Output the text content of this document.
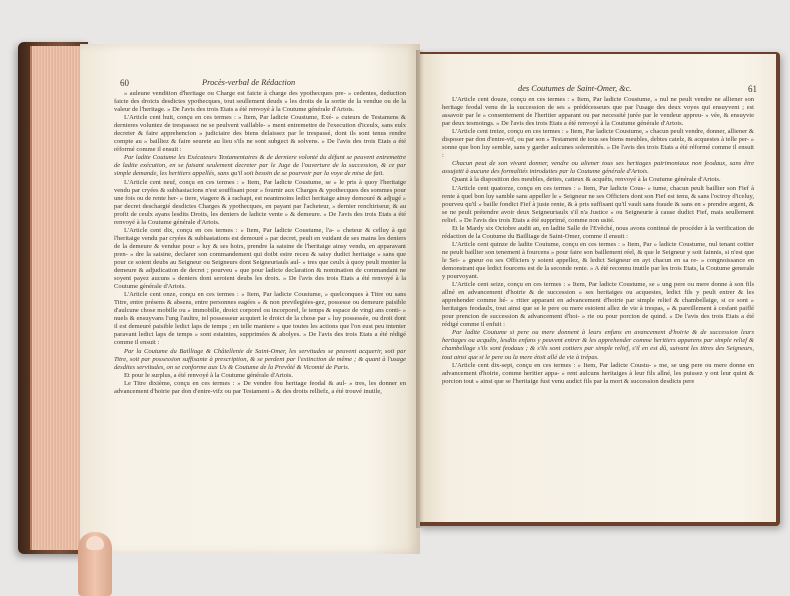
60	Procès-verbal de Rédaction

» auleune vendition d'heritage ou Charge est faicte à charge des ypothecques pre- » cedentes, deduction faicte des droicts desdictes ypothecques, tout seullement deuds » les droits de la sortie de la vendue ou de la valeur de l'heritage. » De l'avis des trois Etats a été renvoyé à la Coutume générale d'Artois.

L'Article cent huit, conçu en ces termes : » Item, Par ladicte Coustume, Exé- » cuteurs de Testamens & dernieres voluntez de trespassez ne se peulvent vaillable- » ment entremettre de l'execution d'iceulx, sans eulx decreter & faire apprehencion » judiciaire des biens delaissez par le trespassé, dont ils sont tenus rendre compte au » bailliez & faire seurete au lieu s'ils ne sont subgect & solvens. » De l'avis des trois Etats a été réformé comme il ensuit :

Par ladite Coutume les Exécuteurs Testamentaires & de derniere volonté du défunt se peuvent entremettre de ladite exécution, en se faisant seulement decreter par le Juge de l'ouverture de la succession, & ce par simple demande, les heritiers appellés, sans qu'il soit besoin de se pourvoir par la voye de mise de fait.

L'Article cent neuf, conçu en ces termes : » Item, Par ladicte Coustume, se » le pris à quoy l'heritaige vendu par cryées & subhastacions n'est souffisant pour » fournir aux Charges & ypothecques des sommes pour une fois ou de rente her- » tiere, viagere & à rachapt, est neantmoins ledict heritaige ainsy demouré & adjugé » par decret deschargié desdictes Charges & ypothecques, en payant par l'acheteur, » dernier renchiriseur, & au profit de ceulx ayans lesdits Droits, les deniers de ladicte vente » & demeure. » De l'avis des trois Etats a été renvoyé à la Coutume générale d'Artois.

L'Article cent dix, conçu en ces termes : » Item, Par ladicte Coustume, l'a- » cheteur & celluy à qui l'heritaige vendu par cryées & subhastations est demouré » par decret, peult en vuidant de ses mains les deniers de la demeure & vendue pour » luy & ses hoirs, prendre la saisine de l'heritaige ainsy vendu, en apparavant pren- » dre la saisine, declarer son commandement qui doibt estre receu & saisy dudict heritaige » sans que pour ce soient deubs au Seigneur ou Seigneurs dont Seigneuriauls aul- » tres que ceulx à quoy peult monter la demeure & adjudication de decret ; pourveu » que pour ladicte declaration & nomination de commandant ne soyent payez aucuns » deniers dont seroient deubs les droix. » De l'avis des trois Etats a été renvoyé à la Coutume générale d'Artois.

L'Article cent onze, conçu en ces termes : » Item, Par ladicte Coustume, » quelconques à Titre ou sans Titre, entre présens & absens, entre personnes eagées » & non previlegiées-gez, possesse ou demeure paisible d'aulcune chose mobille ou » immobille, droict corporel ou incorporel, le temps & espace de vingt ans conti- » nuels & ensuyvans l'ung l'aultre, tel possesseur acquiert le droict de la chose par » luy possessée, ou droit dont il est demeuré paisible ledict laps de temps ; en telle maniere » que toutes les actions que l'on eust peu intenter paravant ledict laps de temps » sont estaintes, supprimées & abolyes. » De l'avis des trois Etats a été rédigé comme il ensuit :

Par la Coutume du Bailliage & Châtellenie de Saint-Omer, les servitudes se peuvent acquerir, soit par Titre, soit par possession suffisante à prescription, & se perdent par l'extinction de même ; & quant à l'usage desdites servitudes, on se conforme aux Us & Coutume de la Prevôté & Vicomté de Paris.

Et pour le surplus, a été renvoyé à la Coutume générale d'Artois.

Le Titre dixième, conçu en ces termes : » De vendre fou heritage feodal & aul- » tres, les donner en advancement d'hoirie par don d'entre-vifz ou par Testament » & des droits relliefz, a été trouvé inutile,

des Coutumes de Saint-Omer, &c.	61

L'Article cent douze, conçu en ces termes : » Item, Par ladicte Coustume, » nul ne peult vendre ne alliener son heritage feodal venu de la succession de ses » prédécesseurs que par l'usage des deux voyes qui ensuyvent ; est assavoir par le » consentement de l'heritier apparant ou par necessité jurée par le vendeur appreu- » vée, & ensuyvie par deux tesmoings. » De l'avis des trois Etats a été renvoyé à la Coutume générale d'Artois.

L'Article cent treize, conçu en ces termes : » Item, Par ladicte Coustume, » chacun peult vendre, donner, alliener & disposer par don d'entre-vif, ou par son » Testament de tous ses biens meubles, debtes catelz, & acquestes à telle per- » sonne que bon luy semble, sans y garder aulcunes solemnités. » De l'avis des trois Etats a été réformé comme il ensuit :

Chacun peut de son vivant donner, vendre ou aliener tous ses heritages patrimoniaux non feodaux, sans être assujetti à aucune des formalités introduites par la Coutume générale d'Artois.

Quant à la disposition des meubles, dettes, catteux & acquêts, renvoyé à la Coutume générale d'Artois.

L'Article cent quatorze, conçu en ces termes : » Item, Par ladicte Cous- » tume, chacun peult baillier son Fief à rente à quel bon luy samble sans appeller le » Seigneur ne ses Officiers dont son Fief est tenu, & sans l'octroy d'iceluy, pourveu qu'il » baille fondict Fief à juste rente, & à pris suffisant qu'il vault sans fraude & sans en » prendre argent, & se ne peult prétendre avoir deux Seigneuriaulx s'il n'a Justice » ou Seigneurie à cause dudict Fief, mais seullement relief. » De l'avis des trois Etats a été supprimé, comme non usité.

Et le Mardy six Octobre audit an, en ladite Salle de l'Evêché, nous avons continué de procéder à la verification de rédaction de la Coutume du Bailliage de Saint-Omer, comme il ensuit :

L'Article cent quinze de ladite Coutume, conçu en ces termes : » Item, Par » ladicte Coustume, nul tenant cottier ne peult baillier son tenement à fourcens » pour faire son baillement réel, & que le Seigneur y soit fainnis, si n'est que le Sei- » gneur ou ses Officiers y soient appellez, & ledict Seigneur en ayt chacun en sa re- » congnoissance en demonstrant que ledict fourcens est de la seconde rente. » A été reconnu inutile par les trois Etats, la Coutume generale y pourvoyant.

L'Article cent seize, conçu en ces termes : » Item, Par ladicte Coustume, se » ung pere ou mere donne à son fils allné en advancement d'hoirie & de succession » ses heritaiges ou acquestes, ledict fils y peult entrer & les apprehender comme hé- » ritier apparant en advancement d'hoirie par simple relief & chambellaige, si ce sont » heritaiges feodaulx, tout ainsi que se le pere ou mere estoient allez de vie à trespas, » & pareillement à cesfant paiflé pour prencion de succession & advancement d'hoi- » rie ou pour porcion de quind. » De l'avis des trois Etats a été rédigé comme il enfuit :

Par ladite Coutume si pere ou mere donnent à leurs enfans en avancement d'hoirie & de succession leurs heritages ou acquêts, lesdits enfans y peuvent entrer & les apprehender comme heritiers apparens par simple relief & chambellage s'ils sont feodaux ; & s'ils sont cottiers par simple relief, s'il en est dû, suivant les titres des Seigneurs, tout ainsi que si le pere ou la mere étoit allé de vie à trépas.

L'Article cent dix-sept, conçu en ces termes : » Item, Par ladicte Coustu- » me, se ung pere ou mere donne en advancement d'hoirie, comme heritier appa- » rent aulcuns heritaiges à leur fils allné, les puissez y ont leur quint & porcion tout » ainsi que se l'heritaige fust venu audict fils par la mort & succession desdicts pere
